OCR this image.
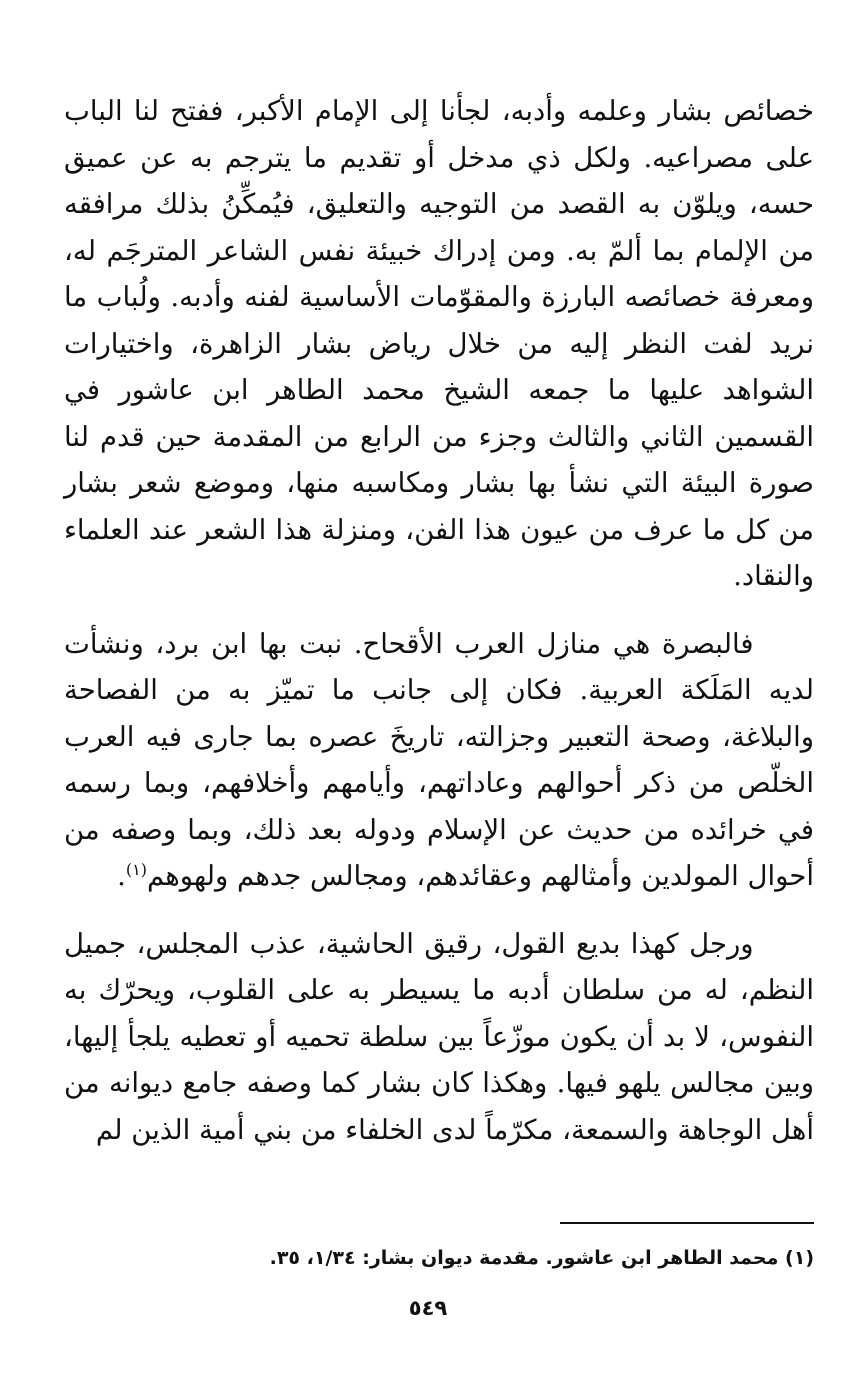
خصائص بشار وعلمه وأدبه، لجأنا إلى الإمام الأكبر، ففتح لنا الباب على مصراعيه. ولكل ذي مدخل أو تقديم ما يترجم به عن عميق حسه، ويلوّن به القصد من التوجيه والتعليق، فيُمكِّنُ بذلك مرافقه من الإلمام بما ألمّ به. ومن إدراك خبيئة نفس الشاعر المترجَم له، ومعرفة خصائصه البارزة والمقوّمات الأساسية لفنه وأدبه. ولُباب ما نريد لفت النظر إليه من خلال رياض بشار الزاهرة، واختيارات الشواهد عليها ما جمعه الشيخ محمد الطاهر ابن عاشور في القسمين الثاني والثالث وجزء من الرابع من المقدمة حين قدم لنا صورة البيئة التي نشأ بها بشار ومكاسبه منها، وموضع شعر بشار من كل ما عرف من عيون هذا الفن، ومنزلة هذا الشعر عند العلماء والنقاد.

فالبصرة هي منازل العرب الأقحاح. نبت بها ابن برد، ونشأت لديه المَلَكة العربية. فكان إلى جانب ما تميّز به من الفصاحة والبلاغة، وصحة التعبير وجزالته، تاريخَ عصره بما جارى فيه العرب الخلّص من ذكر أحوالهم وعاداتهم، وأيامهم وأخلافهم، وبما رسمه في خرائده من حديث عن الإسلام ودوله بعد ذلك، وبما وصفه من أحوال المولدين وأمثالهم وعقائدهم، ومجالس جدهم ولهوهم$^{(١)}$.

ورجل كهذا بديع القول، رقيق الحاشية، عذب المجلس، جميل النظم، له من سلطان أدبه ما يسيطر به على القلوب، ويحرّك به النفوس، لا بد أن يكون موزّعاً بين سلطة تحميه أو تعطيه يلجأ إليها، وبين مجالس يلهو فيها. وهكذا كان بشار كما وصفه جامع ديوانه من أهل الوجاهة والسمعة، مكرّماً لدى الخلفاء من بني أمية الذين لم

(١) محمد الطاهر ابن عاشور. مقدمة ديوان بشار: ١/٣٤، ٣٥.
٥٤٩
